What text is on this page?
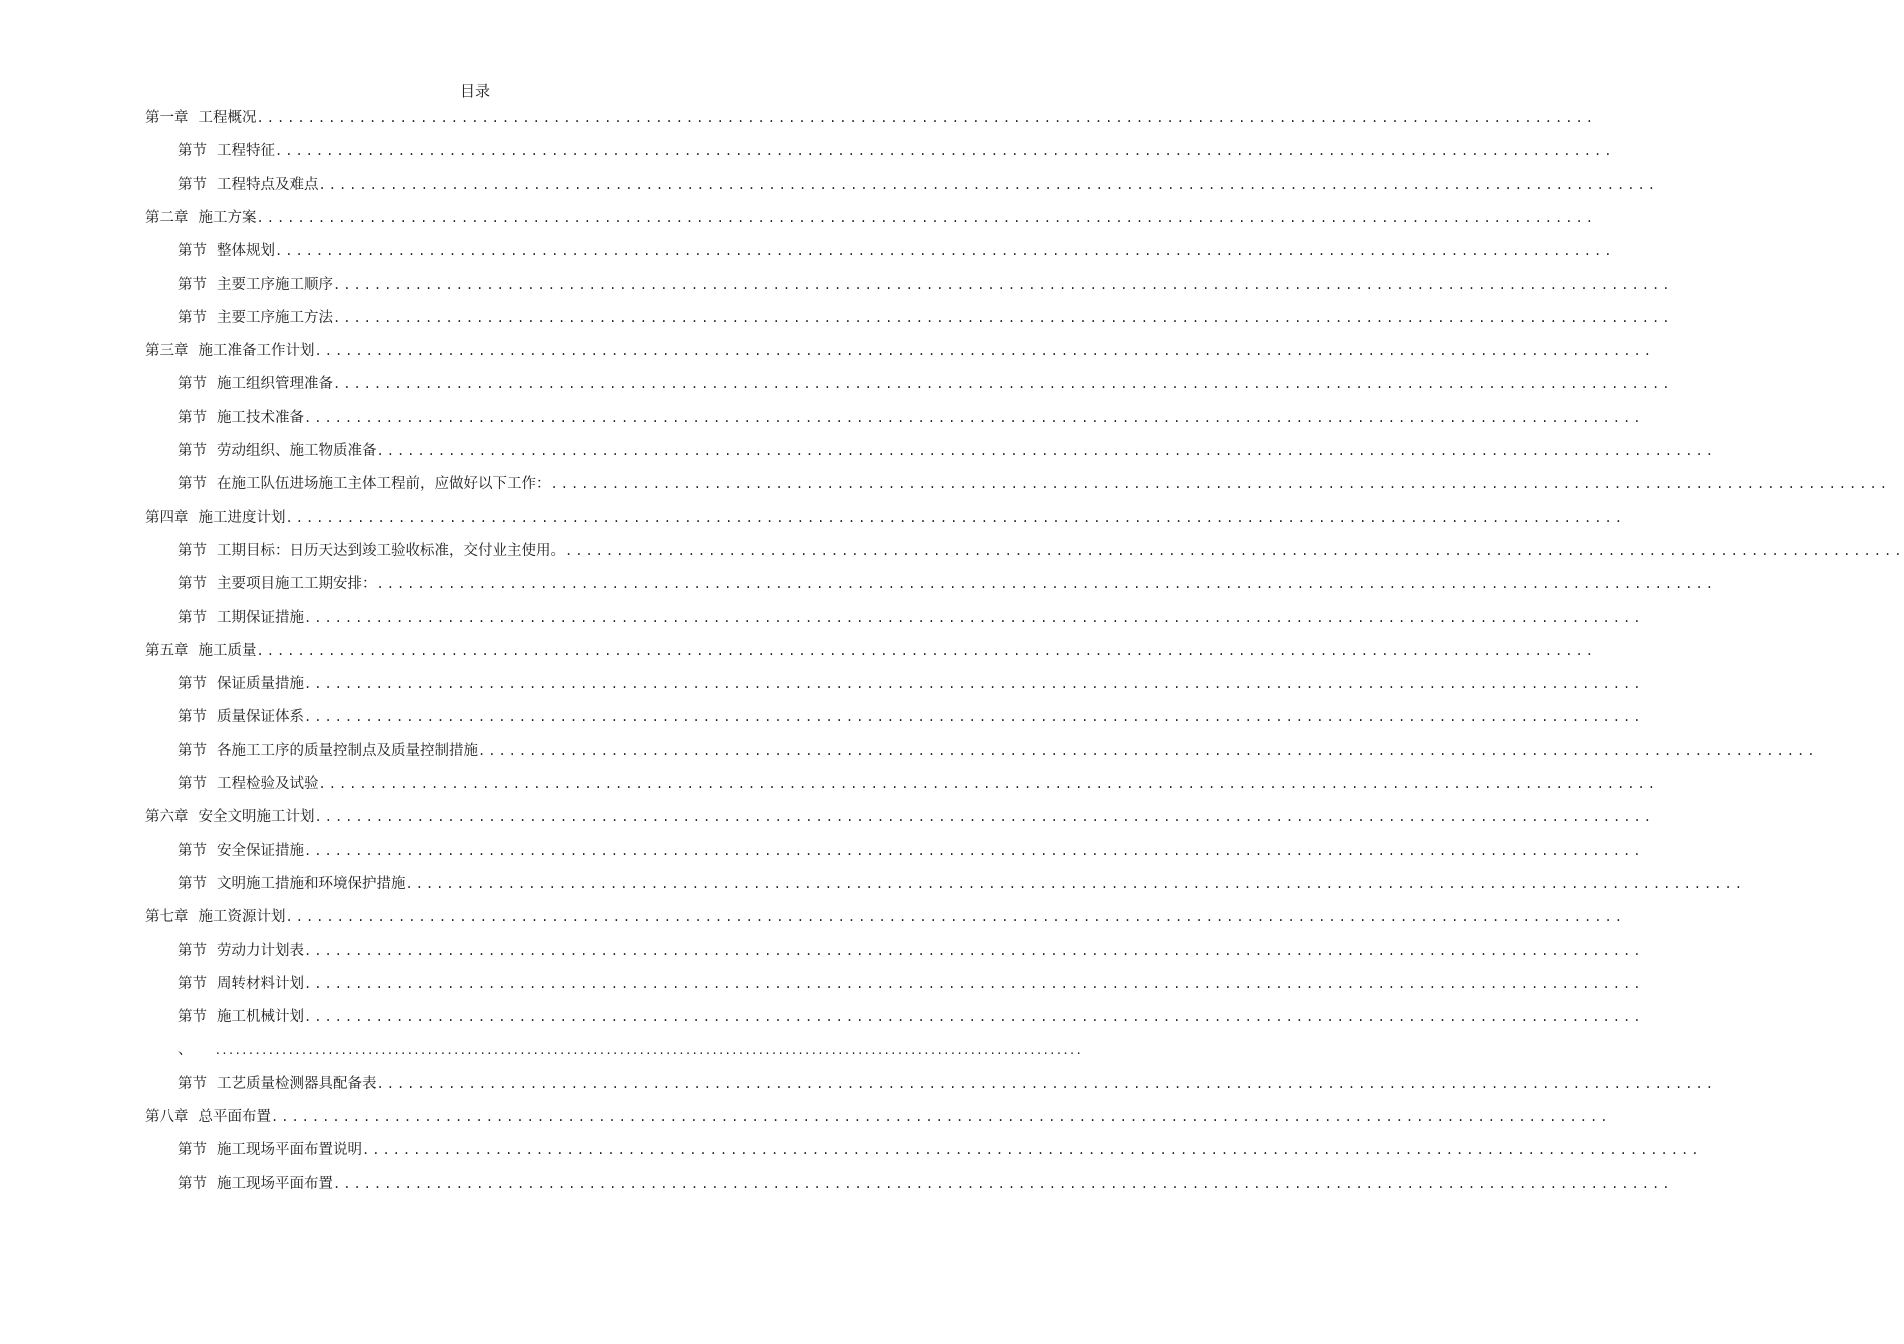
目录
第一章 工程概况 ...................................................................................................................................
第节 工程特征 ...................................................................................................................................
第节 工程特点及难点 ...................................................................................................................................
第二章 施工方案 ...................................................................................................................................
第节 整体规划 ...................................................................................................................................
第节 主要工序施工顺序 ...................................................................................................................................
第节 主要工序施工方法 ...................................................................................................................................
第三章 施工准备工作计划 ...................................................................................................................................
第节 施工组织管理准备 ...................................................................................................................................
第节 施工技术准备 ...................................................................................................................................
第节 劳动组织、施工物质准备 ...................................................................................................................................
第节 在施工队伍进场施工主体工程前，应做好以下工作： ...................................................................................................................................
第四章 施工进度计划 ...................................................................................................................................
第节 工期目标：日历天达到竣工验收标准，交付业主使用。 ...................................................................................................................................
第节 主要项目施工工期安排： ...................................................................................................................................
第节 工期保证措施 ...................................................................................................................................
第五章 施工质量 ...................................................................................................................................
第节 保证质量措施 ...................................................................................................................................
第节 质量保证体系 ...................................................................................................................................
第节 各施工工序的质量控制点及质量控制措施 ...................................................................................................................................
第节 工程检验及试验 ...................................................................................................................................
第六章 安全文明施工计划 ...................................................................................................................................
第节 安全保证措施 ...................................................................................................................................
第节 文明施工措施和环境保护措施 ...................................................................................................................................
第七章 施工资源计划 ...................................................................................................................................
第节 劳动力计划表 ...................................................................................................................................
第节 周转材料计划 ...................................................................................................................................
第节 施工机械计划 ...................................................................................................................................
、 ...................................................................................................................................
第节 工艺质量检测器具配备表 ...................................................................................................................................
第八章 总平面布置 ...................................................................................................................................
第节 施工现场平面布置说明 ...................................................................................................................................
第节 施工现场平面布置 ...................................................................................................................................
